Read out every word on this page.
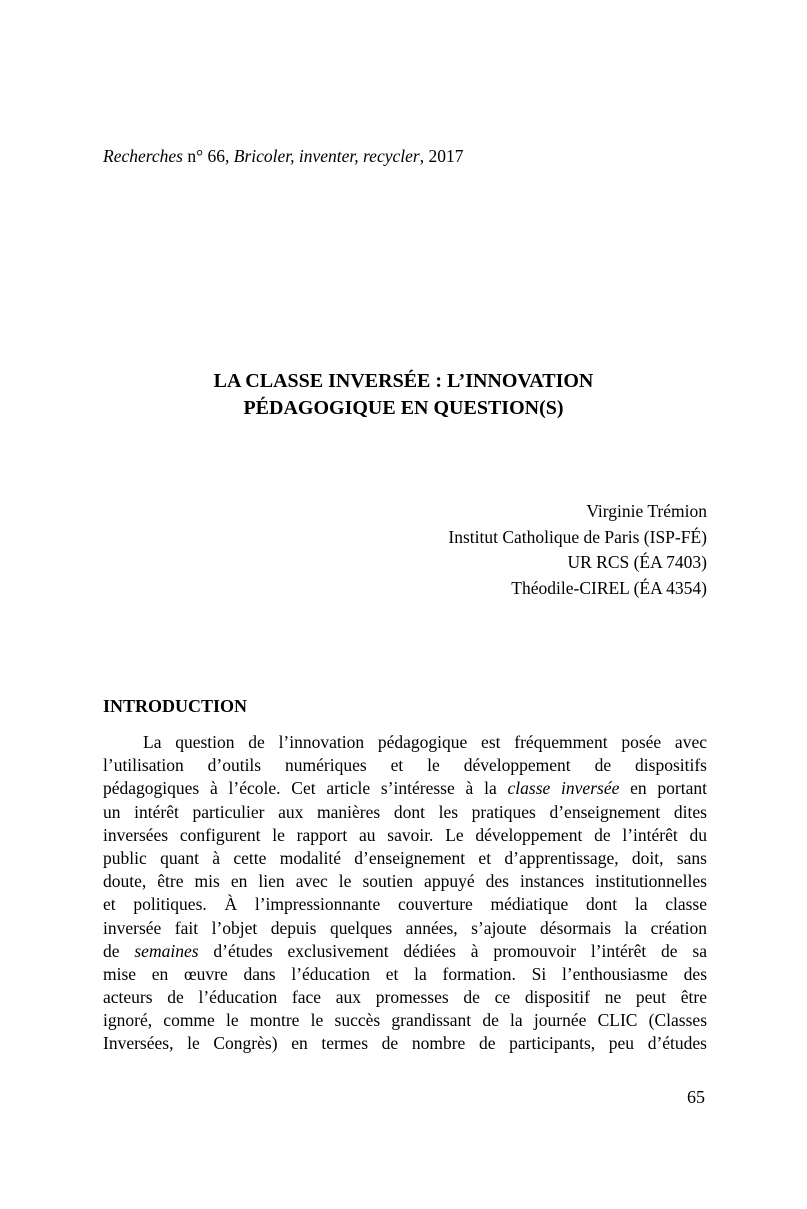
Recherches n° 66, Bricoler, inventer, recycler, 2017
LA CLASSE INVERSÉE : L’INNOVATION
PÉDAGOGIQUE EN QUESTION(S)
Virginie Trémion
Institut Catholique de Paris (ISP-FÉ)
UR RCS (ÉA 7403)
Théodile-CIREL (ÉA 4354)
INTRODUCTION
La question de l’innovation pédagogique est fréquemment posée avec
l’utilisation d’outils numériques et le développement de dispositifs
pédagogiques à l’école. Cet article s’intéresse à la classe inversée en portant
un intérêt particulier aux manières dont les pratiques d’enseignement dites
inversées configurent le rapport au savoir. Le développement de l’intérêt du
public quant à cette modalité d’enseignement et d’apprentissage, doit, sans
doute, être mis en lien avec le soutien appuyé des instances institutionnelles
et politiques. À l’impressionnante couverture médiatique dont la classe
inversée fait l’objet depuis quelques années, s’ajoute désormais la création
de semaines d’études exclusivement dédiées à promouvoir l’intérêt de sa
mise en œuvre dans l’éducation et la formation. Si l’enthousiasme des
acteurs de l’éducation face aux promesses de ce dispositif ne peut être
ignoré, comme le montre le succès grandissant de la journée CLIC (Classes
Inversées, le Congrès) en termes de nombre de participants, peu d’études
65
